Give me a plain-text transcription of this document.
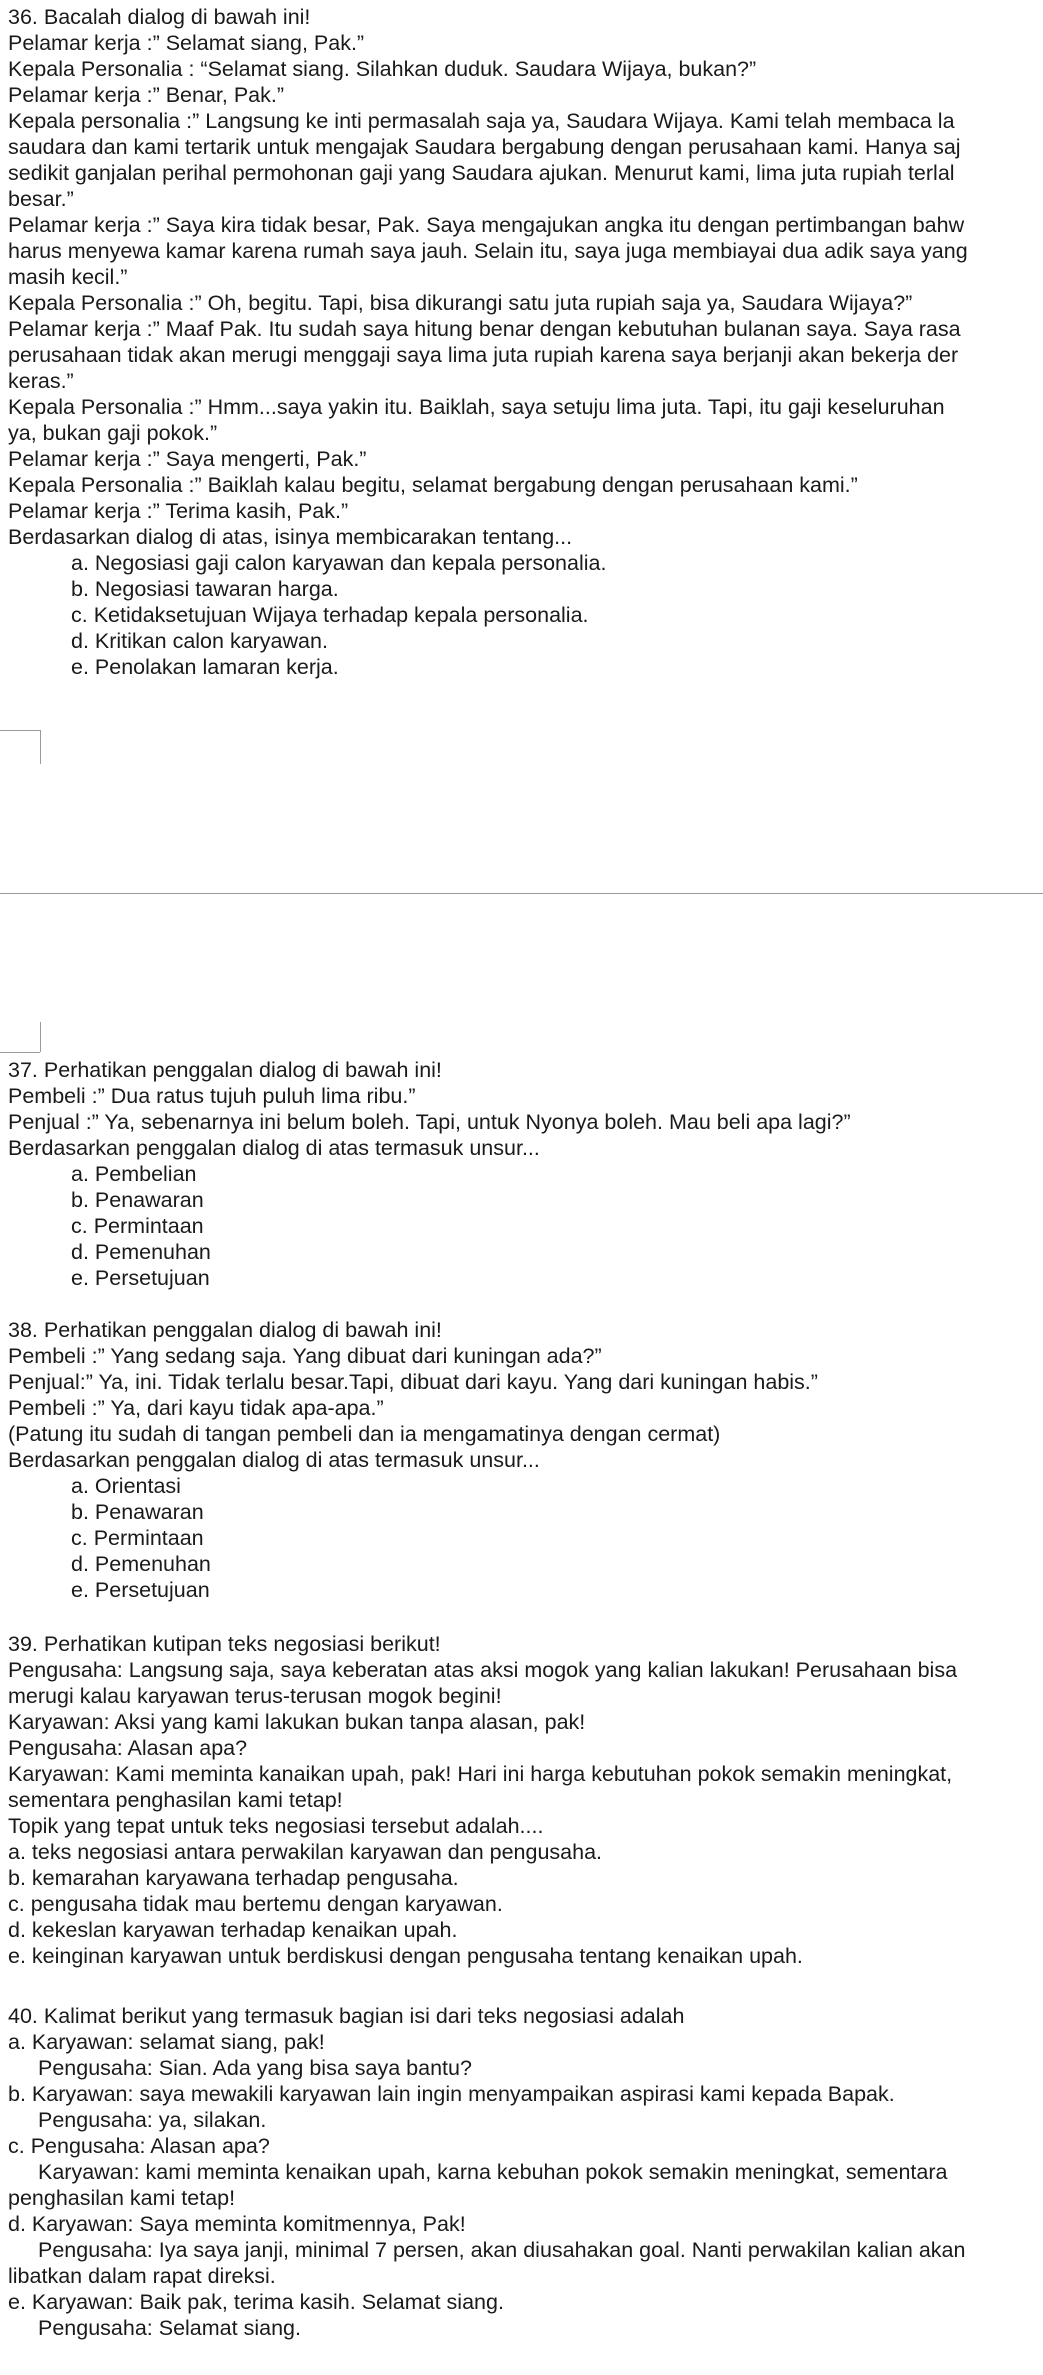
36. Bacalah dialog di bawah ini!
Pelamar kerja :” Selamat siang, Pak.”
Kepala Personalia : “Selamat siang. Silahkan duduk. Saudara Wijaya, bukan?”
Pelamar kerja :” Benar, Pak.”
Kepala personalia :” Langsung ke inti permasalah saja ya, Saudara Wijaya. Kami telah membaca la
saudara dan kami tertarik untuk mengajak Saudara bergabung dengan perusahaan kami. Hanya saj
sedikit ganjalan perihal permohonan gaji yang Saudara ajukan. Menurut kami, lima juta rupiah terlal
besar.”
Pelamar kerja :” Saya kira tidak besar, Pak. Saya mengajukan angka itu dengan pertimbangan bahw
harus menyewa kamar karena rumah saya jauh. Selain itu, saya juga membiayai dua adik saya yang
masih kecil.”
Kepala Personalia :” Oh, begitu. Tapi, bisa dikurangi satu juta rupiah saja ya, Saudara Wijaya?”
Pelamar kerja :” Maaf Pak. Itu sudah saya hitung benar dengan kebutuhan bulanan saya. Saya rasa
perusahaan tidak akan merugi menggaji saya lima juta rupiah karena saya berjanji akan bekerja der
keras.”
Kepala Personalia :” Hmm...saya yakin itu. Baiklah, saya setuju lima juta. Tapi, itu gaji keseluruhan
ya, bukan gaji pokok.”
Pelamar kerja :” Saya mengerti, Pak.”
Kepala Personalia :” Baiklah kalau begitu, selamat bergabung dengan perusahaan kami.”
Pelamar kerja :” Terima kasih, Pak.”
Berdasarkan dialog di atas, isinya membicarakan tentang...
a. Negosiasi gaji calon karyawan dan kepala personalia.
b. Negosiasi tawaran harga.
c. Ketidaksetujuan Wijaya terhadap kepala personalia.
d. Kritikan calon karyawan.
e. Penolakan lamaran kerja.
37. Perhatikan penggalan dialog di bawah ini!
Pembeli :” Dua ratus tujuh puluh lima ribu.”
Penjual :” Ya, sebenarnya ini belum boleh. Tapi, untuk Nyonya boleh. Mau beli apa lagi?”
Berdasarkan penggalan dialog di atas termasuk unsur...
a. Pembelian
b. Penawaran
c. Permintaan
d. Pemenuhan
e. Persetujuan
38. Perhatikan penggalan dialog di bawah ini!
Pembeli :” Yang sedang saja. Yang dibuat dari kuningan ada?”
Penjual:” Ya, ini. Tidak terlalu besar.Tapi, dibuat dari kayu. Yang dari kuningan habis.”
Pembeli :” Ya, dari kayu tidak apa-apa.”
(Patung itu sudah di tangan pembeli dan ia mengamatinya dengan cermat)
Berdasarkan penggalan dialog di atas termasuk unsur...
a. Orientasi
b. Penawaran
c. Permintaan
d. Pemenuhan
e. Persetujuan
39. Perhatikan kutipan teks negosiasi berikut!
Pengusaha: Langsung saja, saya keberatan atas aksi mogok yang kalian lakukan! Perusahaan bisa
merugi kalau karyawan terus-terusan mogok begini!
Karyawan: Aksi yang kami lakukan bukan tanpa alasan, pak!
Pengusaha: Alasan apa?
Karyawan: Kami meminta kanaikan upah, pak! Hari ini harga kebutuhan pokok semakin meningkat,
sementara penghasilan kami tetap!
Topik yang tepat untuk teks negosiasi tersebut adalah....
a. teks negosiasi antara perwakilan karyawan dan pengusaha.
b. kemarahan karyawana terhadap pengusaha.
c. pengusaha tidak mau bertemu dengan karyawan.
d. kekeslan karyawan terhadap kenaikan upah.
e. keinginan karyawan untuk berdiskusi dengan pengusaha tentang kenaikan upah.
40. Kalimat berikut yang termasuk bagian isi dari teks negosiasi adalah
a. Karyawan: selamat siang, pak!
Pengusaha: Sian. Ada yang bisa saya bantu?
b. Karyawan: saya mewakili karyawan lain ingin menyampaikan aspirasi kami kepada Bapak.
Pengusaha: ya, silakan.
c. Pengusaha: Alasan apa?
Karyawan: kami meminta kenaikan upah, karna kebuhan pokok semakin meningkat, sementara
penghasilan kami tetap!
d. Karyawan: Saya meminta komitmennya, Pak!
Pengusaha: Iya saya janji, minimal 7 persen, akan diusahakan goal. Nanti perwakilan kalian akan
libatkan dalam rapat direksi.
e. Karyawan: Baik pak, terima kasih. Selamat siang.
Pengusaha: Selamat siang.
